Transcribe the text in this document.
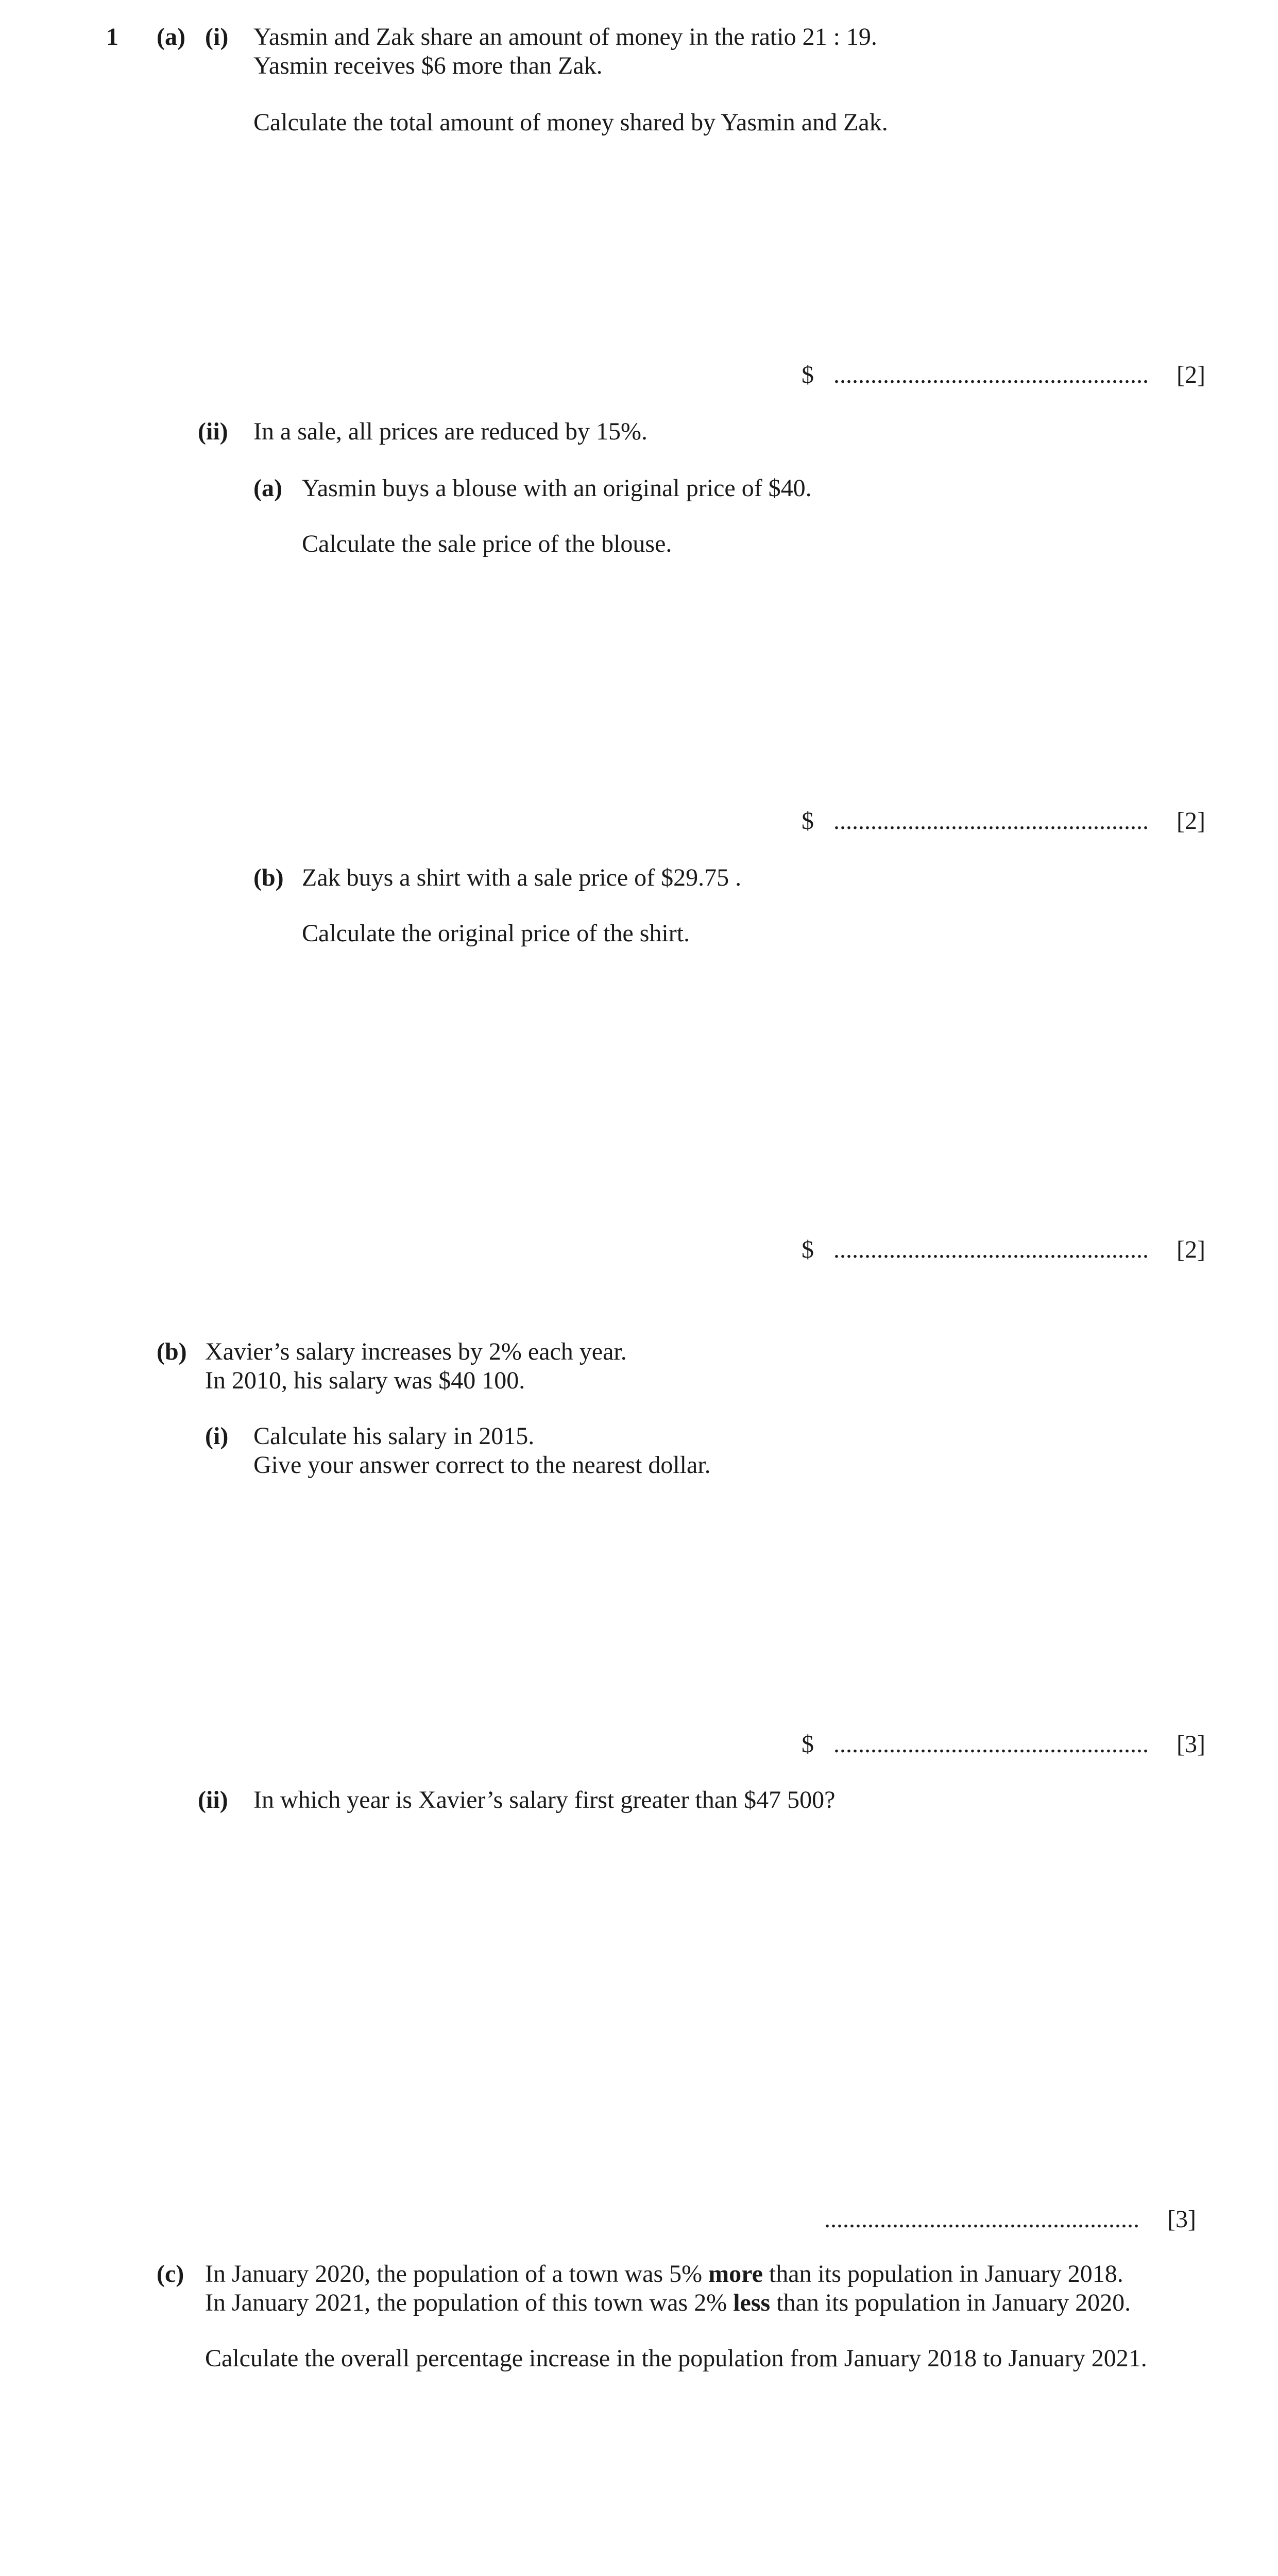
1 (a) (i) Yasmin and Zak share an amount of money in the ratio 21 : 19.
Yasmin receives $6 more than Zak.
Calculate the total amount of money shared by Yasmin and Zak.
$ ................................................... [2]
(ii) In a sale, all prices are reduced by 15%.
(a) Yasmin buys a blouse with an original price of $40.
Calculate the sale price of the blouse.
$ ................................................... [2]
(b) Zak buys a shirt with a sale price of $29.75 .
Calculate the original price of the shirt.
$ ................................................... [2]
(b) Xavier’s salary increases by 2% each year.
In 2010, his salary was $40 100.
(i) Calculate his salary in 2015.
Give your answer correct to the nearest dollar.
$ ................................................... [3]
(ii) In which year is Xavier’s salary first greater than $47 500?
................................................... [3]
(c) In January 2020, the population of a town was 5% more than its population in January 2018.
In January 2021, the population of this town was 2% less than its population in January 2020.
Calculate the overall percentage increase in the population from January 2018 to January 2021.
